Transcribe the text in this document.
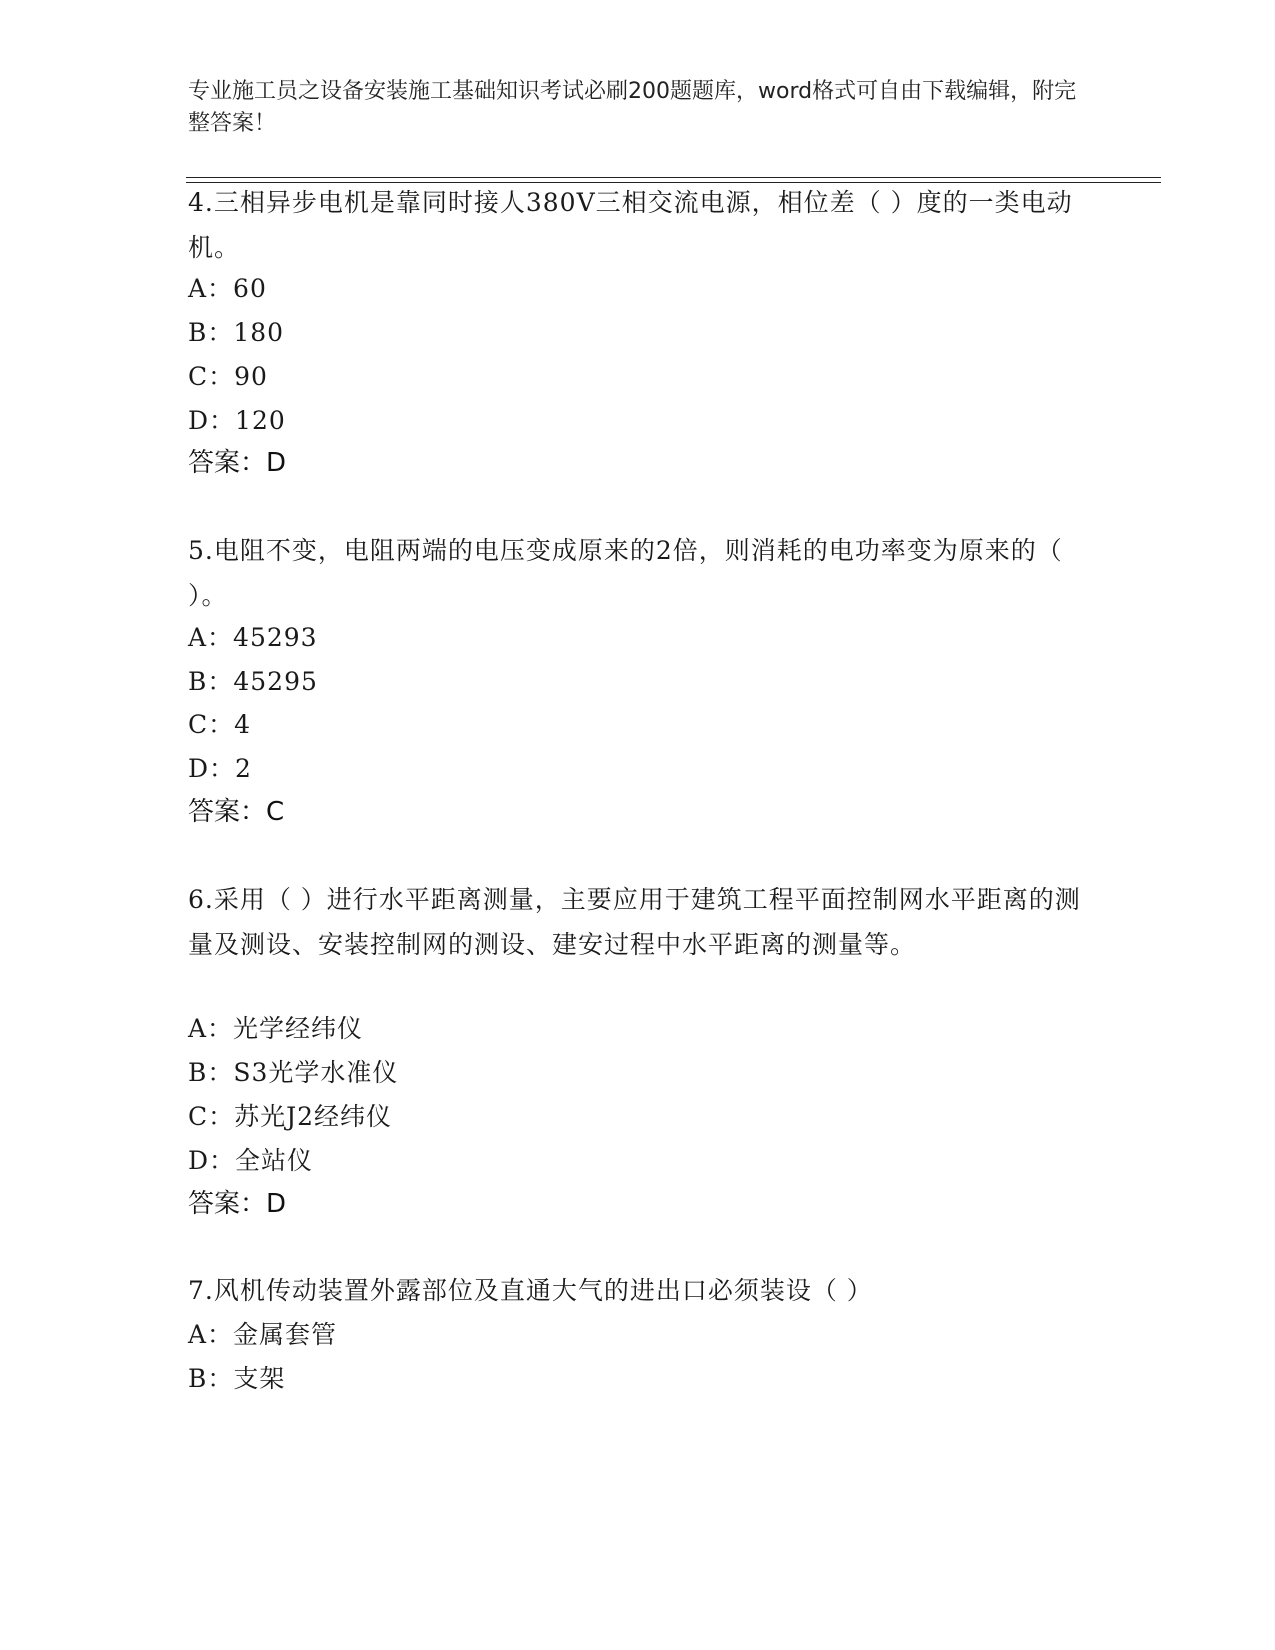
专业施工员之设备安装施工基础知识考试必刷200题题库，word格式可自由下载编辑，附完整答案！
4.三相异步电机是靠同时接人380V三相交流电源，相位差（ ）度的一类电动机。
A：60
B：180
C：90
D：120
答案：D
5.电阻不变，电阻两端的电压变成原来的2倍，则消耗的电功率变为原来的（ ）。
A：45293
B：45295
C：4
D：2
答案：C
6.采用（ ）进行水平距离测量，主要应用于建筑工程平面控制网水平距离的测量及测设、安装控制网的测设、建安过程中水平距离的测量等。
A：光学经纬仪
B：S3光学水准仪
C：苏光J2经纬仪
D：全站仪
答案：D
7.风机传动装置外露部位及直通大气的进出口必须装设（ ）
A：金属套管
B：支架
